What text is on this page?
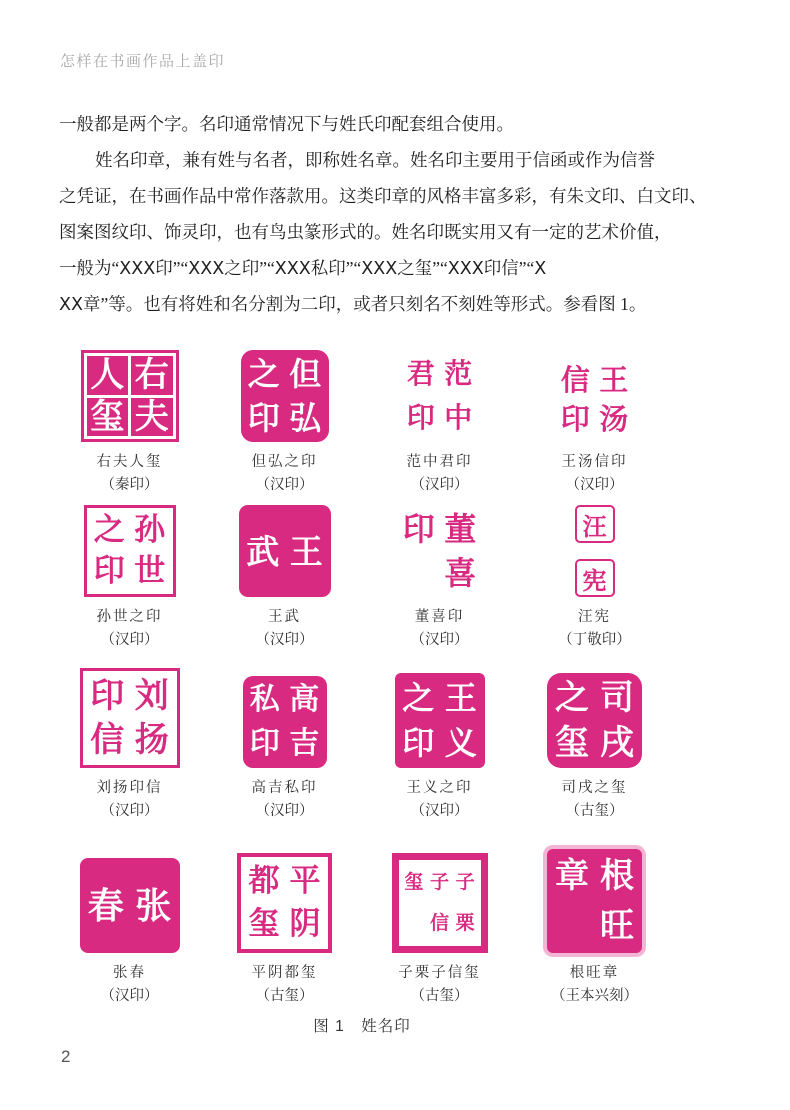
怎样在书画作品上盖印
一般都是两个字。名印通常情况下与姓氏印配套组合使用。
姓名印章，兼有姓与名者，即称姓名章。姓名印主要用于信函或作为信誉
之凭证，在书画作品中常作落款用。这类印章的风格丰富多彩，有朱文印、白文印、
图案图纹印、饰灵印，也有鸟虫篆形式的。姓名印既实用又有一定的艺术价值，
一般为“ⅩⅩⅩ印”“ⅩⅩⅩ之印”“ⅩⅩⅩ私印”“ⅩⅩⅩ之玺”“ⅩⅩⅩ印信”“Ⅹ
ⅩⅩ章”等。也有将姓和名分割为二印，或者只刻名不刻姓等形式。参看图 1。
右
夫
人
玺
右夫人玺
（秦印）
但
弘
之
印
但弘之印
（汉印）
范
中
君
印
范中君印
（汉印）
王
汤
信
印
王汤信印
（汉印）
孙
世
之
印
孙世之印
（汉印）
王
武
王武
（汉印）
董
喜
印
董喜印
（汉印）
汪
宪
汪宪
（丁敬印）
刘
扬
印
信
刘扬印信
（汉印）
高
吉
私
印
高吉私印
（汉印）
王
义
之
印
王义之印
（汉印）
司
戌
之
玺
司戌之玺
（古玺）
张
春
张春
（汉印）
平
阴
都
玺
平阴都玺
（古玺）
子
栗
子
信
玺
子栗子信玺
（古玺）
根
旺
章
根旺章
（王本兴刻）
图 1　姓名印
2
